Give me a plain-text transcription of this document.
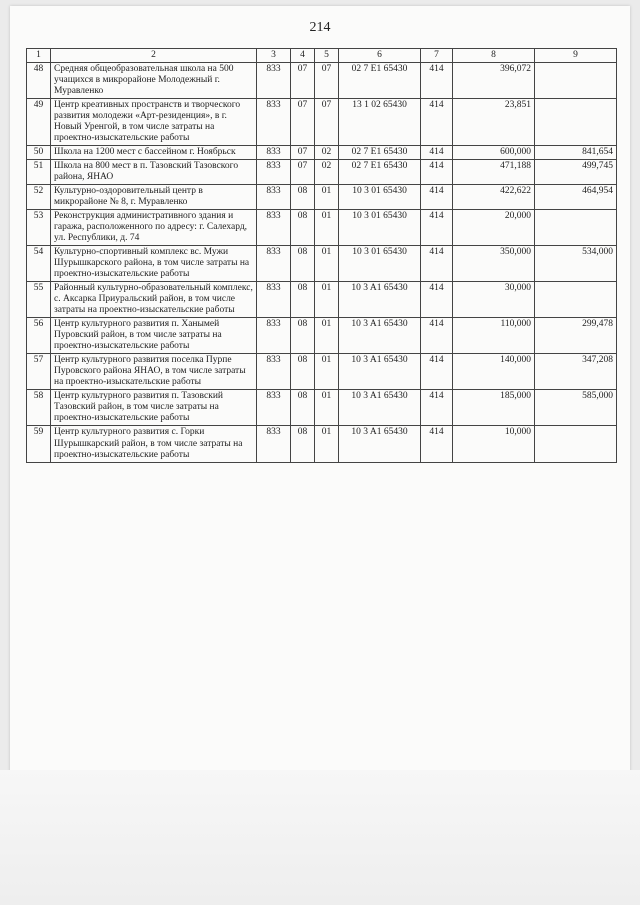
214
1	2	3	4	5	6	7	8	9
48	Средняя общеобразовательная школа на 500 учащихся в микрорайоне Молодежный г. Муравленко	833	07	07	02 7 E1 65430	414	396,072	
49	Центр креативных пространств и творческого развития молодежи «Арт-резиденция», в г. Новый Уренгой, в том числе затраты на проектно-изыскательские работы	833	07	07	13 1 02 65430	414	23,851	
50	Школа на 1200 мест с бассейном г. Ноябрьск	833	07	02	02 7 E1 65430	414	600,000	841,654
51	Школа на 800 мест в п. Тазовский Тазовского района, ЯНАО	833	07	02	02 7 E1 65430	414	471,188	499,745
52	Культурно-оздоровительный центр в микрорайоне № 8, г. Муравленко	833	08	01	10 3 01 65430	414	422,622	464,954
53	Реконструкция административного здания и гаража, расположенного по адресу: г. Салехард, ул. Республики, д. 74	833	08	01	10 3 01 65430	414	20,000	
54	Культурно-спортивный комплекс вс. Мужи Шурышкарского района, в том числе затраты на проектно-изыскательские работы	833	08	01	10 3 01 65430	414	350,000	534,000
55	Районный культурно-образовательный комплекс, с. Аксарка Приуральский район, в том числе затраты на проектно-изыскательские работы	833	08	01	10 3 A1 65430	414	30,000	
56	Центр культурного развития п. Ханымей Пуровский район, в том числе затраты на проектно-изыскательские работы	833	08	01	10 3 A1 65430	414	110,000	299,478
57	Центр культурного развития поселка Пурпе Пуровского района ЯНАО, в том числе затраты на проектно-изыскательские работы	833	08	01	10 3 A1 65430	414	140,000	347,208
58	Центр культурного развития п. Тазовский Тазовский район, в том числе затраты на проектно-изыскательские работы	833	08	01	10 3 A1 65430	414	185,000	585,000
59	Центр культурного развития с. Горки Шурышкарский район, в том числе затраты на проектно-изыскательские работы	833	08	01	10 3 A1 65430	414	10,000	
